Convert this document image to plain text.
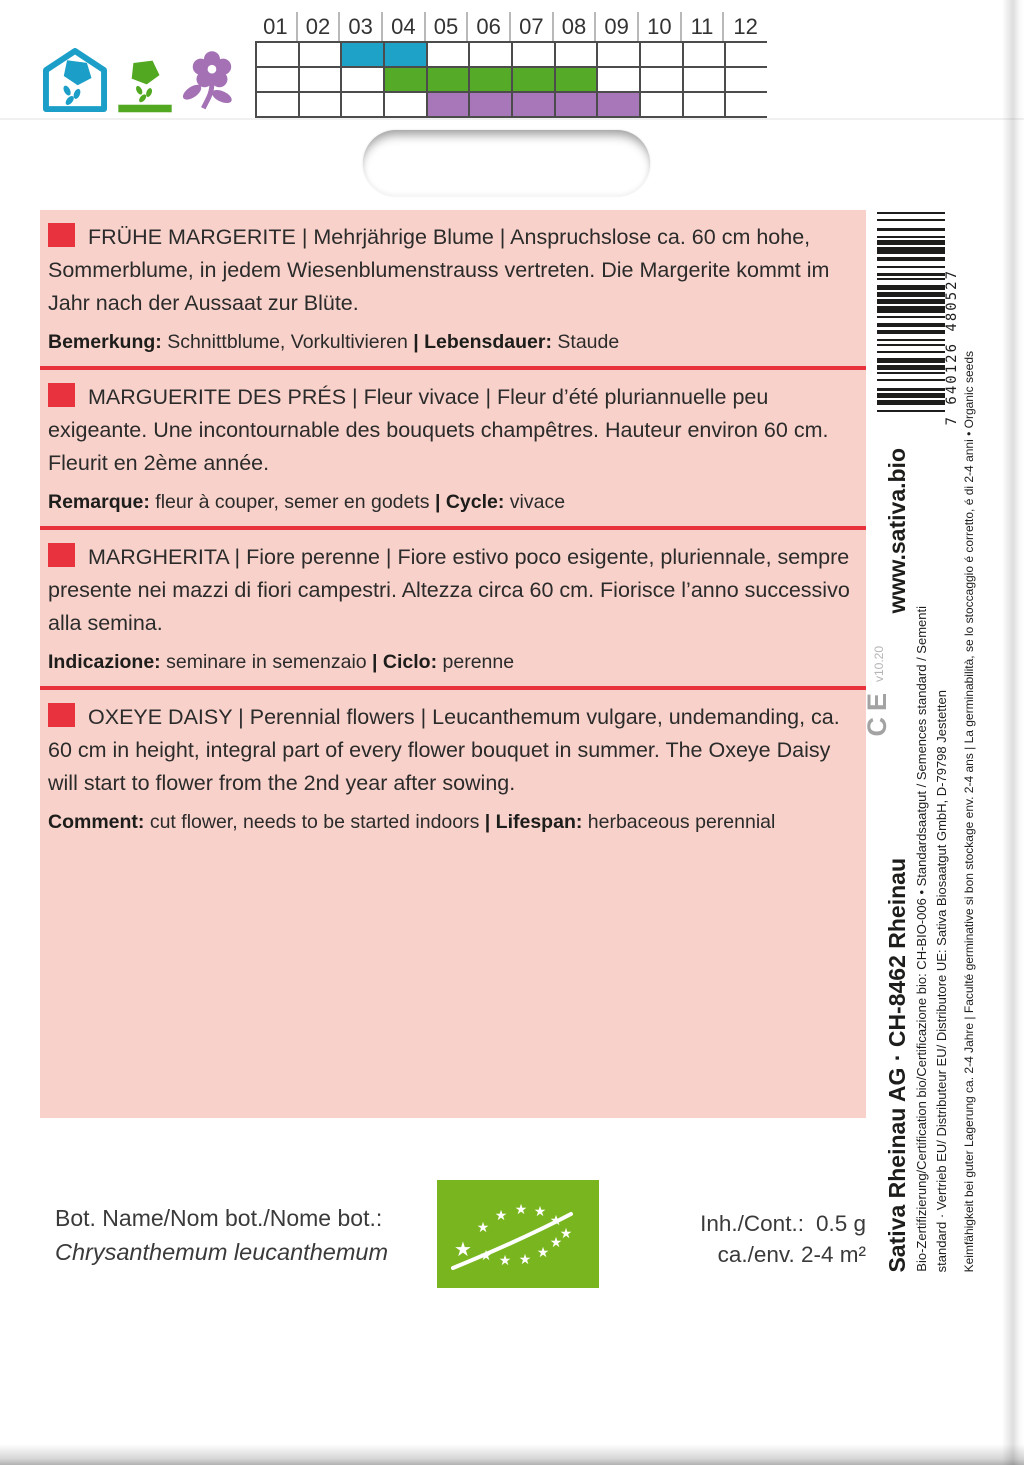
01 02 03 04 05 06 07 08 09 10 11 12

FRÜHE MARGERITE | Mehrjährige Blume | Anspruchslose ca. 60 cm hohe, Sommerblume, in jedem Wiesenblumenstrauss vertreten. Die Margerite kommt im Jahr nach der Aussaat zur Blüte.

Bemerkung: Schnittblume, Vorkultivieren | Lebensdauer: Staude

MARGUERITE DES PRÉS | Fleur vivace | Fleur d’été pluriannuelle peu exigeante. Une incontournable des bouquets champêtres. Hauteur environ 60 cm. Fleurit en 2ème année.

Remarque: fleur à couper, semer en godets | Cycle: vivace

MARGHERITA | Fiore perenne | Fiore estivo poco esigente, pluriennale, sempre presente nei mazzi di fiori campestri. Altezza circa 60 cm. Fiorisce l’anno successivo alla semina.

Indicazione: seminare in semenzaio | Ciclo: perenne

OXEYE DAISY | Perennial flowers | Leucanthemum vulgare, undemanding, ca. 60 cm in height, integral part of every flower bouquet in summer. The Oxeye Daisy will start to flower from the 2nd year after sowing.

Comment: cut flower, needs to be started indoors | Lifespan: herbaceous perennial

Bot. Name/Nom bot./Nome bot.:
Chrysanthemum leucanthemum	★
★
★ ★ ★
★
★
★ ★ ★ ★
★
Inh./Cont.: 0.5 g
ca./env. 2-4 m²
7 640126 480527
Keimfähigkeit bei guter Lagerung ca. 2-4 Jahre | Faculté germinative si bon stockage env. 2-4 ans | La germinabilità, se lo stoccaggio é corretto, é di 2-4 anni • Organic seeds
www.sativa.bio
Sativa Rheinau AG · CH-8462 Rheinau Bio-Zertifizierung/Certification bio/Certificazione bio: CH-BIO-006 • Standardsaatgut / Semences standard / Sementi standard · Vertrieb EU/ Distributeur EU/ Distributore UE: Sativa Biosaatgut GmbH, D-79798 Jestetten
CE
v10.20
